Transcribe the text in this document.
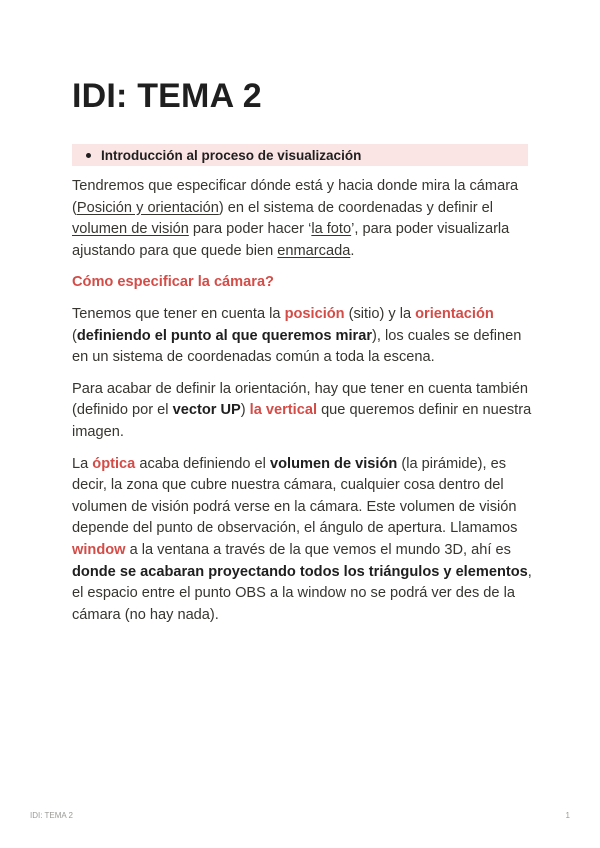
IDI: TEMA 2
Introducción al proceso de visualización

Tendremos que especificar dónde está y hacia donde mira la cámara (Posición y orientación) en el sistema de coordenadas y definir el volumen de visión para poder hacer ‘la foto’, para poder visualizarla ajustando para que quede bien enmarcada.

Cómo especificar la cámara?

Tenemos que tener en cuenta la posición (sitio) y la orientación (definiendo el punto al que queremos mirar), los cuales se definen en un sistema de coordenadas común a toda la escena.

Para acabar de definir la orientación, hay que tener en cuenta también (definido por el vector UP) la vertical que queremos definir en nuestra imagen.

La óptica acaba definiendo el volumen de visión (la pirámide), es decir, la zona que cubre nuestra cámara, cualquier cosa dentro del volumen de visión podrá verse en la cámara. Este volumen de visión depende del punto de observación, el ángulo de apertura. Llamamos window a la ventana a través de la que vemos el mundo 3D, ahí es donde se acabaran proyectando todos los triángulos y elementos, el espacio entre el punto OBS a la window no se podrá ver des de la cámara (no hay nada).

IDI: TEMA 2	1
